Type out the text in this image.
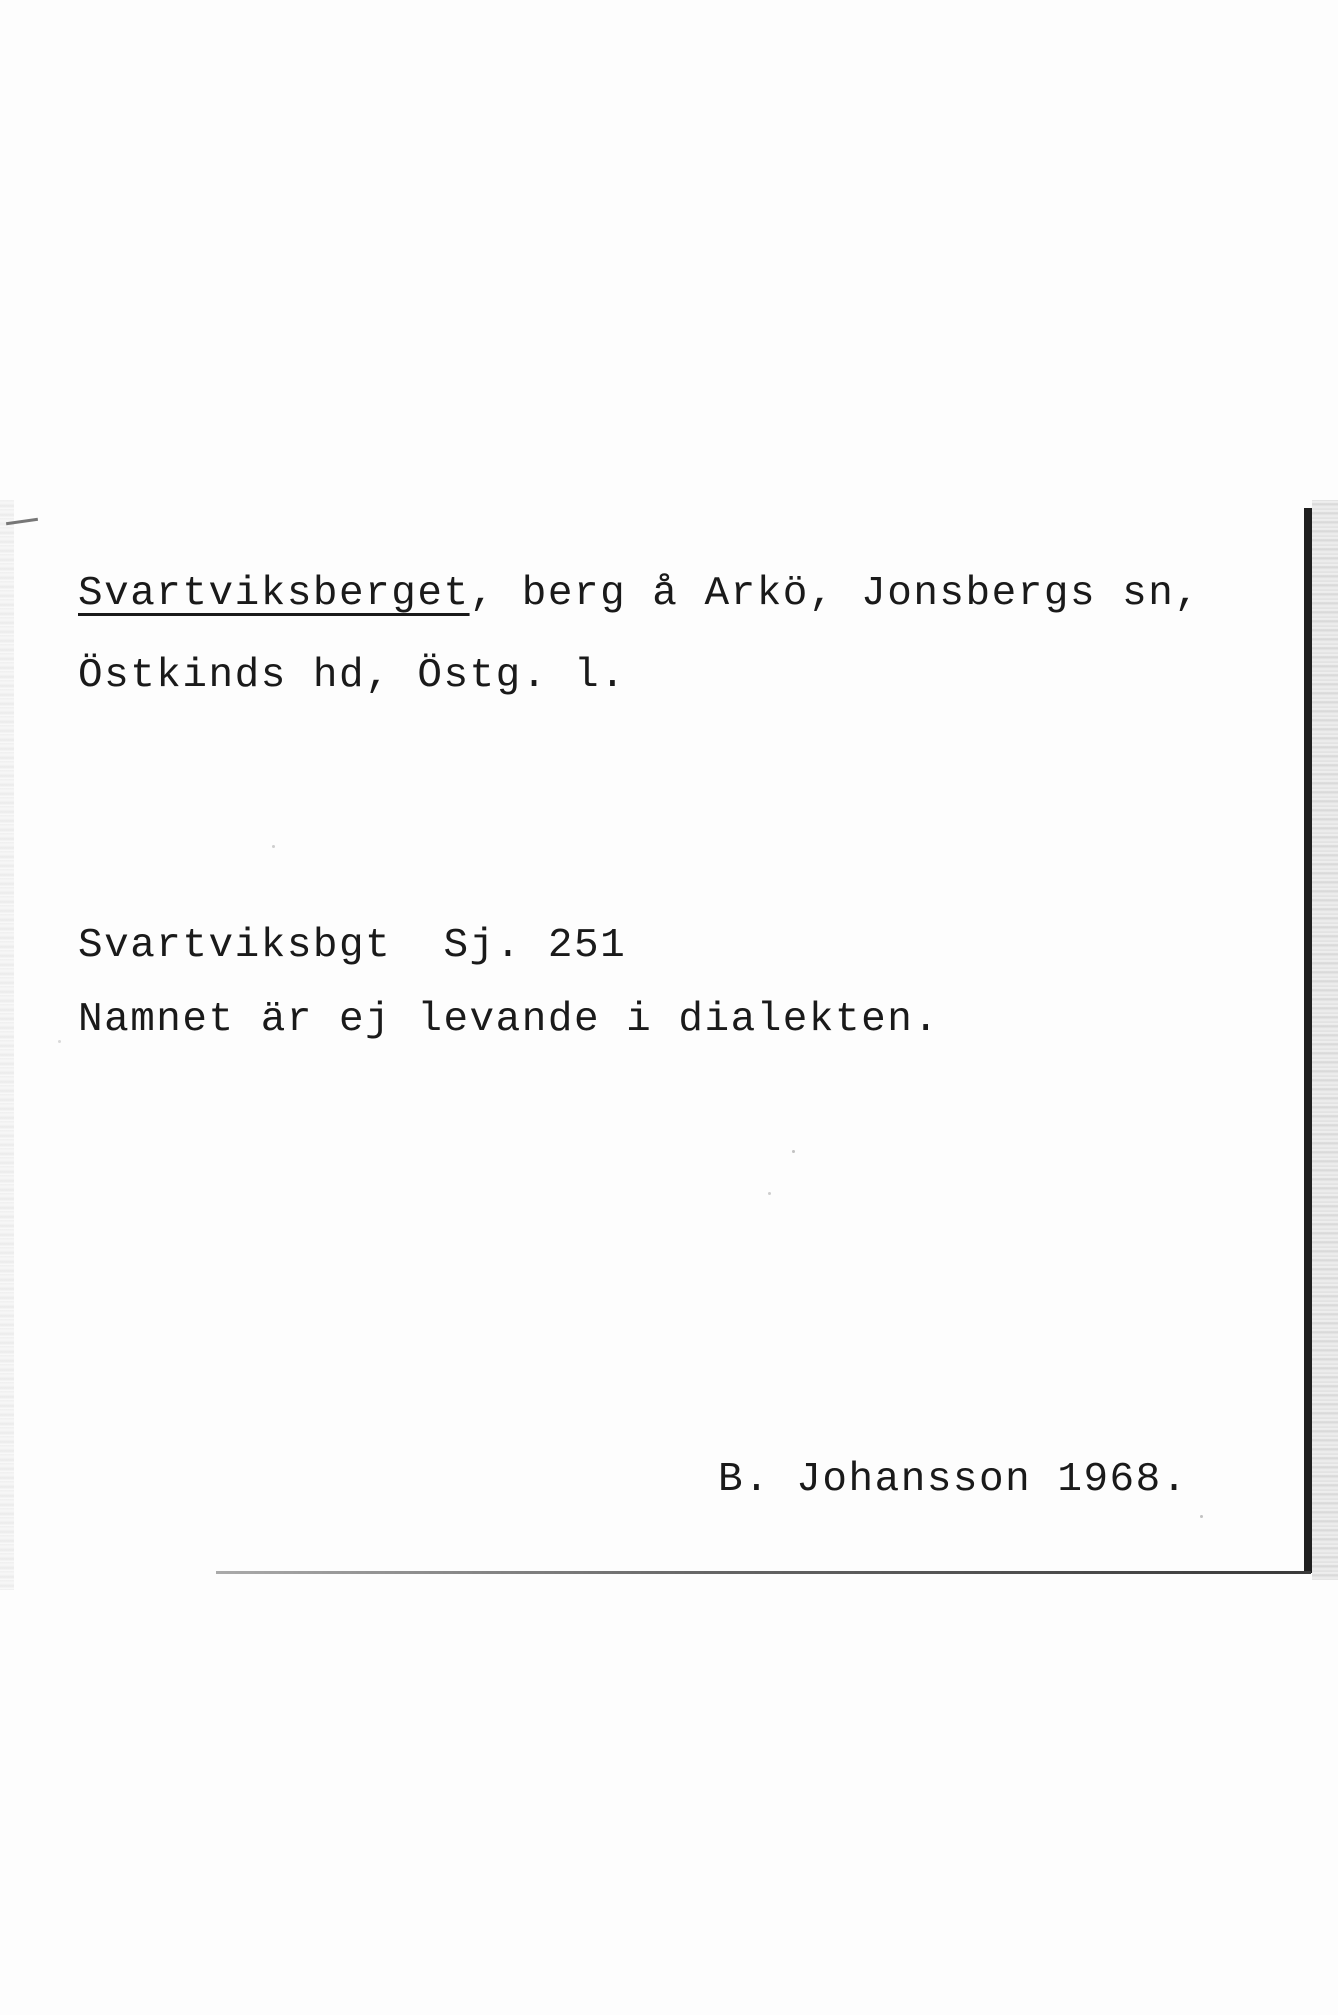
Svartviksberget, berg å Arkö, Jonsbergs sn,
Östkinds hd, Östg. l.
Svartviksbgt  Sj. 251
Namnet är ej levande i dialekten.
B. Johansson 1968.
